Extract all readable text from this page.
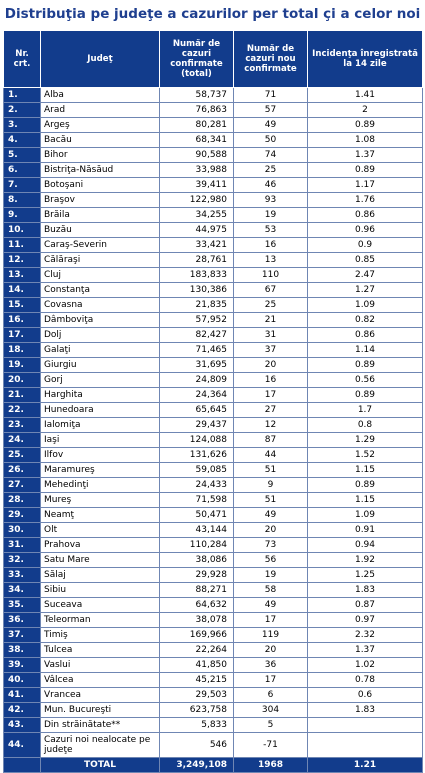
Distribuţia pe judeţe a cazurilor per total çi a celor noi
Nr. crt.	Judeţ	Număr de cazuri confirmate (total)	Număr de cazuri nou confirmate	Incidenţa înregistrată la 14 zile
1.	Alba	58,737	71	1.41
2.	Arad	76,863	57	2
3.	Argeş	80,281	49	0.89
4.	Bacău	68,341	50	1.08
5.	Bihor	90,588	74	1.37
6.	Bistriţa-Năsăud	33,988	25	0.89
7.	Botoşani	39,411	46	1.17
8.	Braşov	122,980	93	1.76
9.	Brăila	34,255	19	0.86
10.	Buzău	44,975	53	0.96
11.	Caraş-Severin	33,421	16	0.9
12.	Călăraşi	28,761	13	0.85
13.	Cluj	183,833	110	2.47
14.	Constanţa	130,386	67	1.27
15.	Covasna	21,835	25	1.09
16.	Dâmboviţa	57,952	21	0.82
17.	Dolj	82,427	31	0.86
18.	Galaţi	71,465	37	1.14
19.	Giurgiu	31,695	20	0.89
20.	Gorj	24,809	16	0.56
21.	Harghita	24,364	17	0.89
22.	Hunedoara	65,645	27	1.7
23.	Ialomiţa	29,437	12	0.8
24.	Iaşi	124,088	87	1.29
25.	Ilfov	131,626	44	1.52
26.	Maramureş	59,085	51	1.15
27.	Mehedinţi	24,433	9	0.89
28.	Mureş	71,598	51	1.15
29.	Neamţ	50,471	49	1.09
30.	Olt	43,144	20	0.91
31.	Prahova	110,284	73	0.94
32.	Satu Mare	38,086	56	1.92
33.	Sălaj	29,928	19	1.25
34.	Sibiu	88,271	58	1.83
35.	Suceava	64,632	49	0.87
36.	Teleorman	38,078	17	0.97
37.	Timiş	169,966	119	2.32
38.	Tulcea	22,264	20	1.37
39.	Vaslui	41,850	36	1.02
40.	Vâlcea	45,215	17	0.78
41.	Vrancea	29,503	6	0.6
42.	Mun. Bucureşti	623,758	304	1.83
43.	Din străinătate**	5,833	5	
44.	Cazuri noi nealocate pe judeţe	546	-71	
	TOTAL	3,249,108	1968	1.21
